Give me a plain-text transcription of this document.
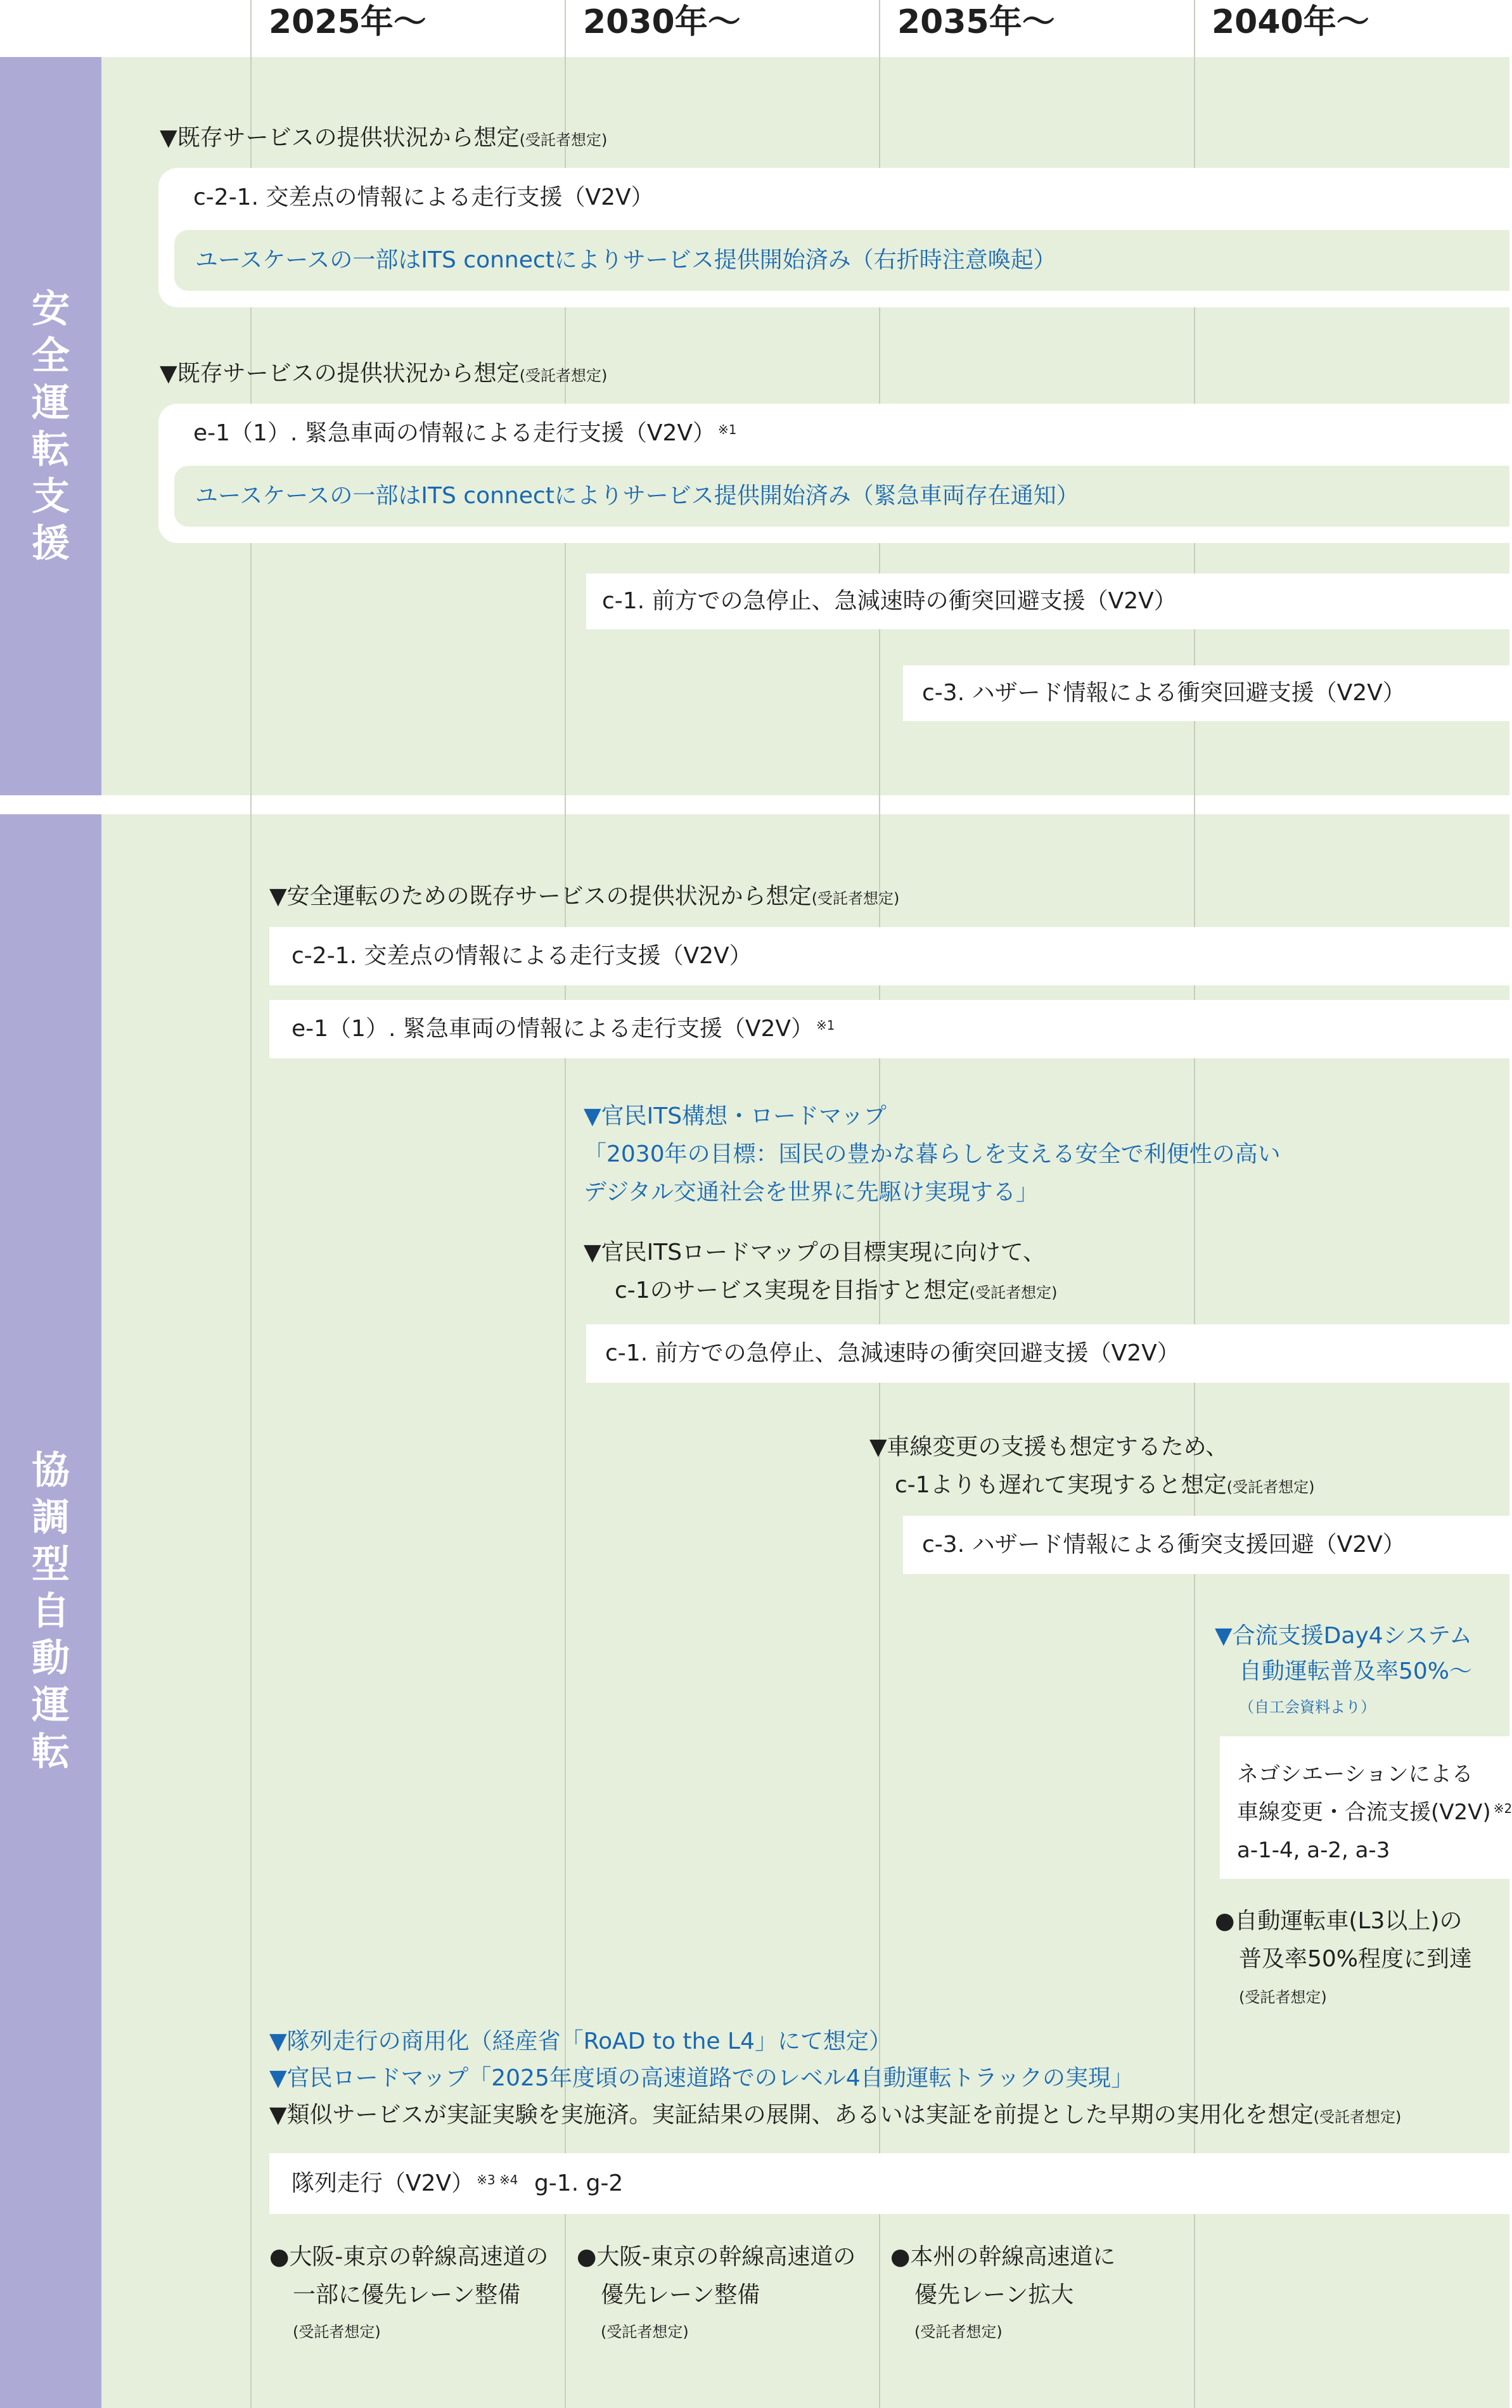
2025年〜	2030年〜	2035年〜	2040年〜
安全運転支援
協調型自動運転
▼既存サービスの提供状況から想定(受託者想定)
c-2-1. 交差点の情報による走行支援（V2V）
ユースケースの一部はITS connectによりサービス提供開始済み（右折時注意喚起）
▼既存サービスの提供状況から想定(受託者想定)
e-1（1）. 緊急車両の情報による走行支援（V2V） $^{※1}$
ユースケースの一部はITS connectによりサービス提供開始済み（緊急車両存在通知）
c-1. 前方での急停止、急減速時の衝突回避支援（V2V）
c-3. ハザード情報による衝突回避支援（V2V）
▼安全運転のための既存サービスの提供状況から想定(受託者想定)
c-2-1. 交差点の情報による走行支援（V2V）
e-1（1）. 緊急車両の情報による走行支援（V2V） $^{※1}$
▼官民ITS構想・ロードマップ
「2030年の目標：国民の豊かな暮らしを支える安全で利便性の高い
デジタル交通社会を世界に先駆け実現する」
▼官民ITSロードマップの目標実現に向けて、
c-1のサービス実現を目指すと想定(受託者想定)
c-1. 前方での急停止、急減速時の衝突回避支援（V2V）
▼車線変更の支援も想定するため、
c-1よりも遅れて実現すると想定(受託者想定)
c-3. ハザード情報による衝突支援回避（V2V）
▼合流支援Day4システム
自動運転普及率50%〜
（自工会資料より）
ネゴシエーションによる
車線変更・合流支援(V2V) $^{※2}$
a-1-4, a-2, a-3
●自動運転車(L3以上)の
普及率50%程度に到達
(受託者想定)
▼隊列走行の商用化（経産省「RoAD to the L4」にて想定）
▼官民ロードマップ「2025年度頃の高速道路でのレベル4自動運転トラックの実現」
▼類似サービスが実証実験を実施済。実証結果の展開、あるいは実証を前提とした早期の実用化を想定(受託者想定)
隊列走行（V2V） $^{※3 ※4}$ g-1. g-2
●大阪-東京の幹線高速道の
一部に優先レーン整備
(受託者想定)
●大阪-東京の幹線高速道の
優先レーン整備
(受託者想定)
●本州の幹線高速道に
優先レーン拡大
(受託者想定)
